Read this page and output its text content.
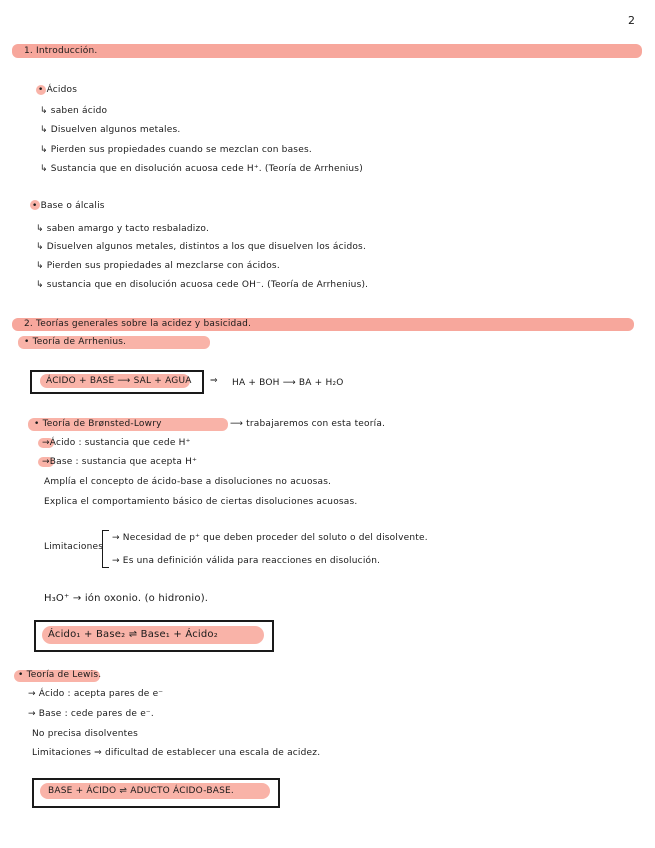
2
1. Introducción.
• Ácidos
↳ saben ácido
↳ Disuelven algunos metales.
↳ Pierden sus propiedades cuando se mezclan con bases.
↳ Sustancia que en disolución acuosa cede H⁺. (Teoría de Arrhenius)
• Base o álcalis
↳ saben amargo y tacto resbaladizo.
↳ Disuelven algunos metales, distintos a los que disuelven los ácidos.
↳ Pierden sus propiedades al mezclarse con ácidos.
↳ sustancia que en disolución acuosa cede OH⁻. (Teoría de Arrhenius).
2. Teorías generales sobre la acidez y basicidad.
• Teoría de Arrhenius.
ÁCIDO + BASE ⟶ SAL + AGUA ⇒ HA + BOH ⟶ BA + H₂O
• Teoría de Brønsted-Lowry	⟶ trabajaremos con esta teoría.
→Ácido : sustancia que cede H⁺
→Base : sustancia que acepta H⁺
Amplía el concepto de ácido-base a disoluciones no acuosas.
Explica el comportamiento básico de ciertas disoluciones acuosas.
Limitaciones
→ Necesidad de p⁺ que deben proceder del soluto o del disolvente.
→ Es una definición válida para reacciones en disolución.
H₃O⁺ → ión oxonio. (o hidronio).
Ácido₁ + Base₂ ⇌ Base₁ + Ácido₂
• Teoría de Lewis.
→ Ácido : acepta pares de e⁻
→ Base : cede pares de e⁻.
No precisa disolventes
Limitaciones ⇒ dificultad de establecer una escala de acidez.
BASE + ÁCIDO ⇌ ADUCTO ÁCIDO-BASE.
